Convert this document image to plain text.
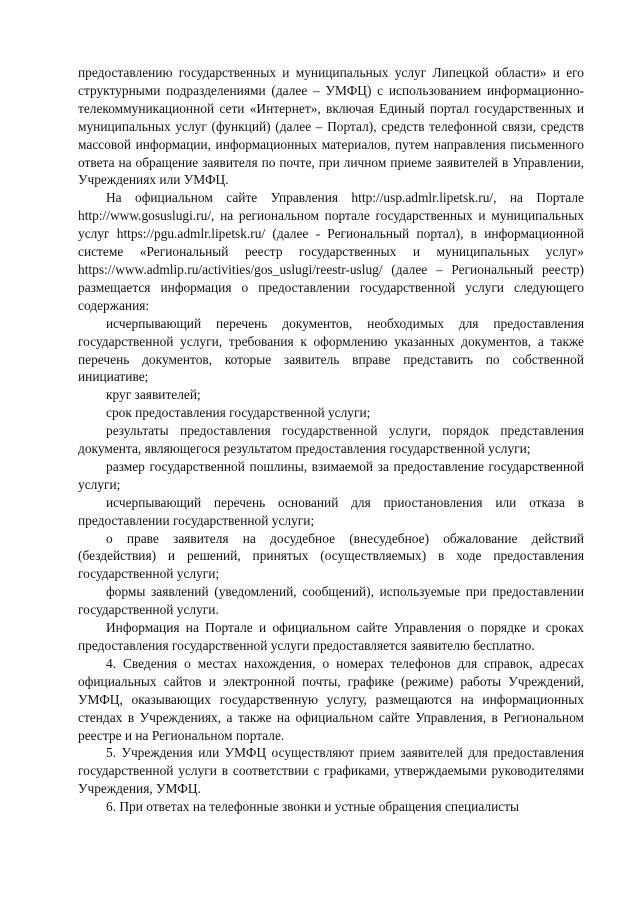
предоставлению государственных и муниципальных услуг Липецкой области» и его структурными подразделениями (далее – УМФЦ) с использованием информационно-телекоммуникационной сети «Интернет», включая Единый портал государственных и муниципальных услуг (функций) (далее – Портал), средств телефонной связи, средств массовой информации, информационных материалов, путем направления письменного ответа на обращение заявителя по почте, при личном приеме заявителей в Управлении, Учреждениях или УМФЦ.

На официальном сайте Управления http://usp.admlr.lipetsk.ru/, на Портале http://www.gosuslugi.ru/, на региональном портале государственных и муниципальных услуг https://pgu.admlr.lipetsk.ru/ (далее - Региональный портал), в информационной системе «Региональный реестр государственных и муниципальных услуг» https://www.admlip.ru/activities/gos_uslugi/reestr-uslug/ (далее – Региональный реестр) размещается информация о предоставлении государственной услуги следующего содержания:

исчерпывающий перечень документов, необходимых для предоставления государственной услуги, требования к оформлению указанных документов, а также перечень документов, которые заявитель вправе представить по собственной инициативе;

круг заявителей;

срок предоставления государственной услуги;

результаты предоставления государственной услуги, порядок представления документа, являющегося результатом предоставления государственной услуги;

размер государственной пошлины, взимаемой за предоставление государственной услуги;

исчерпывающий перечень оснований для приостановления или отказа в предоставлении государственной услуги;

о праве заявителя на досудебное (внесудебное) обжалование действий (бездействия) и решений, принятых (осуществляемых) в ходе предоставления государственной услуги;

формы заявлений (уведомлений, сообщений), используемые при предоставлении государственной услуги.

Информация на Портале и официальном сайте Управления о порядке и сроках предоставления государственной услуги предоставляется заявителю бесплатно.

4. Сведения о местах нахождения, о номерах телефонов для справок, адресах официальных сайтов и электронной почты, графике (режиме) работы Учреждений, УМФЦ, оказывающих государственную услугу, размещаются на информационных стендах в Учреждениях, а также на официальном сайте Управления, в Региональном реестре и на Региональном портале.

5. Учреждения или УМФЦ осуществляют прием заявителей для предоставления государственной услуги в соответствии с графиками, утверждаемыми руководителями Учреждения, УМФЦ.

6. При ответах на телефонные звонки и устные обращения специалисты
